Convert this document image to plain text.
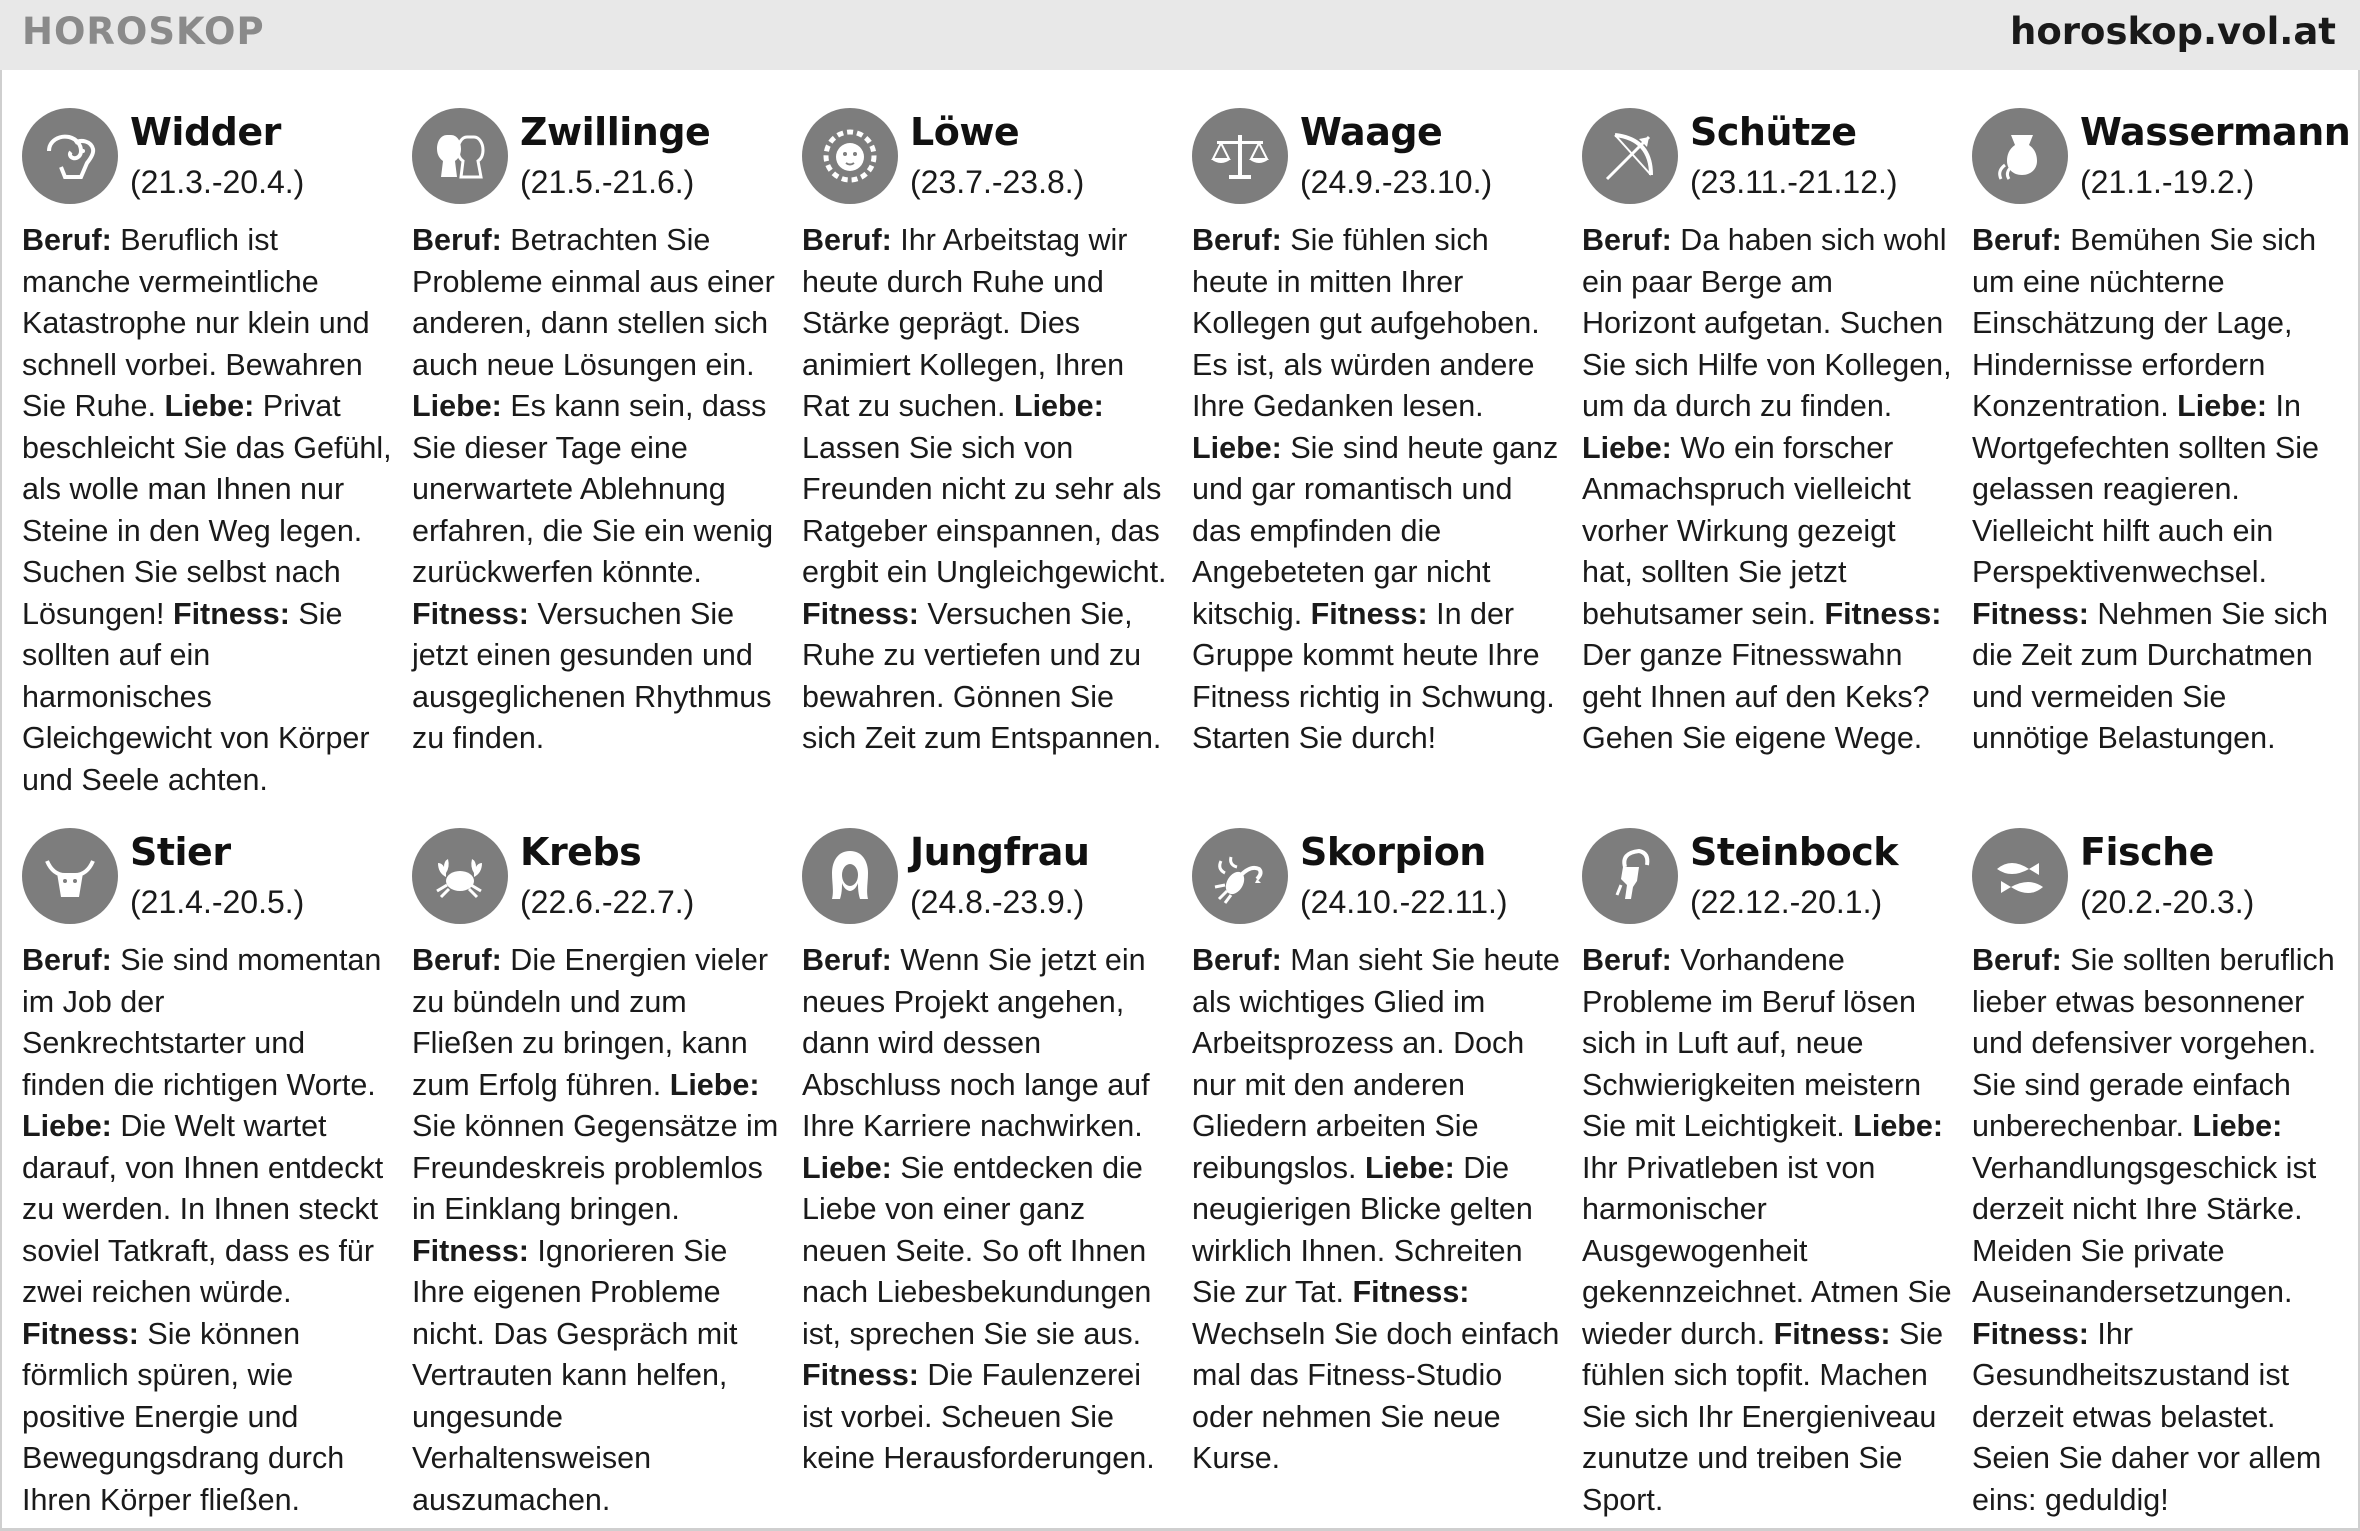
HOROSKOP	horoskop.vol.at
Widder
(21.3.-20.4.)
Beruf: Beruflich ist manche vermeintliche Katastrophe nur klein und schnell vorbei. Bewahren Sie Ruhe. Liebe: Privat beschleicht Sie das Gefühl, als wolle man Ihnen nur Steine in den Weg legen. Suchen Sie selbst nach Lösungen! Fitness: Sie sollten auf ein harmonisches Gleichgewicht von Körper und Seele achten.
Zwillinge
(21.5.-21.6.)
Beruf: Betrachten Sie Probleme einmal aus einer anderen, dann stellen sich auch neue Lösungen ein. Liebe: Es kann sein, dass Sie dieser Tage eine unerwartete Ablehnung erfahren, die Sie ein wenig zurückwerfen könnte. Fitness: Versuchen Sie jetzt einen gesunden und ausgeglichenen Rhythmus zu finden.
Löwe
(23.7.-23.8.)
Beruf: Ihr Arbeitstag wir heute durch Ruhe und Stärke geprägt. Dies animiert Kollegen, Ihren Rat zu suchen. Liebe: Lassen Sie sich von Freunden nicht zu sehr als Ratgeber einspannen, das ergbit ein Ungleichgewicht. Fitness: Versuchen Sie, Ruhe zu vertiefen und zu bewahren. Gönnen Sie sich Zeit zum Entspannen.
Waage
(24.9.-23.10.)
Beruf: Sie fühlen sich heute in mitten Ihrer Kollegen gut aufgehoben. Es ist, als würden andere Ihre Gedanken lesen. Liebe: Sie sind heute ganz und gar romantisch und das empfinden die Angebeteten gar nicht kitschig. Fitness: In der Gruppe kommt heute Ihre Fitness richtig in Schwung. Starten Sie durch!
Schütze
(23.11.-21.12.)
Beruf: Da haben sich wohl ein paar Berge am Horizont aufgetan. Suchen Sie sich Hilfe von Kollegen, um da durch zu finden. Liebe: Wo ein forscher Anmachspruch vielleicht vorher Wirkung gezeigt hat, sollten Sie jetzt behutsamer sein. Fitness: Der ganze Fitnesswahn geht Ihnen auf den Keks? Gehen Sie eigene Wege.
Wassermann
(21.1.-19.2.)
Beruf: Bemühen Sie sich um eine nüchterne Einschätzung der Lage, Hindernisse erfordern Konzentration. Liebe: In Wortgefechten sollten Sie gelassen reagieren. Vielleicht hilft auch ein Perspektivenwechsel. Fitness: Nehmen Sie sich die Zeit zum Durchatmen und vermeiden Sie unnötige Belastungen.
Stier
(21.4.-20.5.)
Beruf: Sie sind momentan im Job der Senkrechtstarter und finden die richtigen Worte. Liebe: Die Welt wartet darauf, von Ihnen entdeckt zu werden. In Ihnen steckt soviel Tatkraft, dass es für zwei reichen würde. Fitness: Sie können förmlich spüren, wie positive Energie und Bewegungsdrang durch Ihren Körper fließen.
Krebs
(22.6.-22.7.)
Beruf: Die Energien vieler zu bündeln und zum Fließen zu bringen, kann zum Erfolg führen. Liebe: Sie können Gegensätze im Freundeskreis problemlos in Einklang bringen. Fitness: Ignorieren Sie Ihre eigenen Probleme nicht. Das Gespräch mit Vertrauten kann helfen, ungesunde Verhaltensweisen auszumachen.
Jungfrau
(24.8.-23.9.)
Beruf: Wenn Sie jetzt ein neues Projekt angehen, dann wird dessen Abschluss noch lange auf Ihre Karriere nachwirken. Liebe: Sie entdecken die Liebe von einer ganz neuen Seite. So oft Ihnen nach Liebesbekundungen ist, sprechen Sie sie aus. Fitness: Die Faulenzerei ist vorbei. Scheuen Sie keine Herausforderungen.
Skorpion
(24.10.-22.11.)
Beruf: Man sieht Sie heute als wichtiges Glied im Arbeitsprozess an. Doch nur mit den anderen Gliedern arbeiten Sie reibungslos. Liebe: Die neugierigen Blicke gelten wirklich Ihnen. Schreiten Sie zur Tat. Fitness: Wechseln Sie doch einfach mal das Fitness-Studio oder nehmen Sie neue Kurse.
Steinbock
(22.12.-20.1.)
Beruf: Vorhandene Probleme im Beruf lösen sich in Luft auf, neue Schwierigkeiten meistern Sie mit Leichtigkeit. Liebe: Ihr Privatleben ist von harmonischer Ausgewogenheit gekennzeichnet. Atmen Sie wieder durch. Fitness: Sie fühlen sich topfit. Machen Sie sich Ihr Energieniveau zunutze und treiben Sie Sport.
Fische
(20.2.-20.3.)
Beruf: Sie sollten beruflich lieber etwas besonnener und defensiver vorgehen. Sie sind gerade einfach unberechenbar. Liebe: Verhandlungsgeschick ist derzeit nicht Ihre Stärke. Meiden Sie private Auseinandersetzungen. Fitness: Ihr Gesundheitszustand ist derzeit etwas belastet. Seien Sie daher vor allem eins: geduldig!
